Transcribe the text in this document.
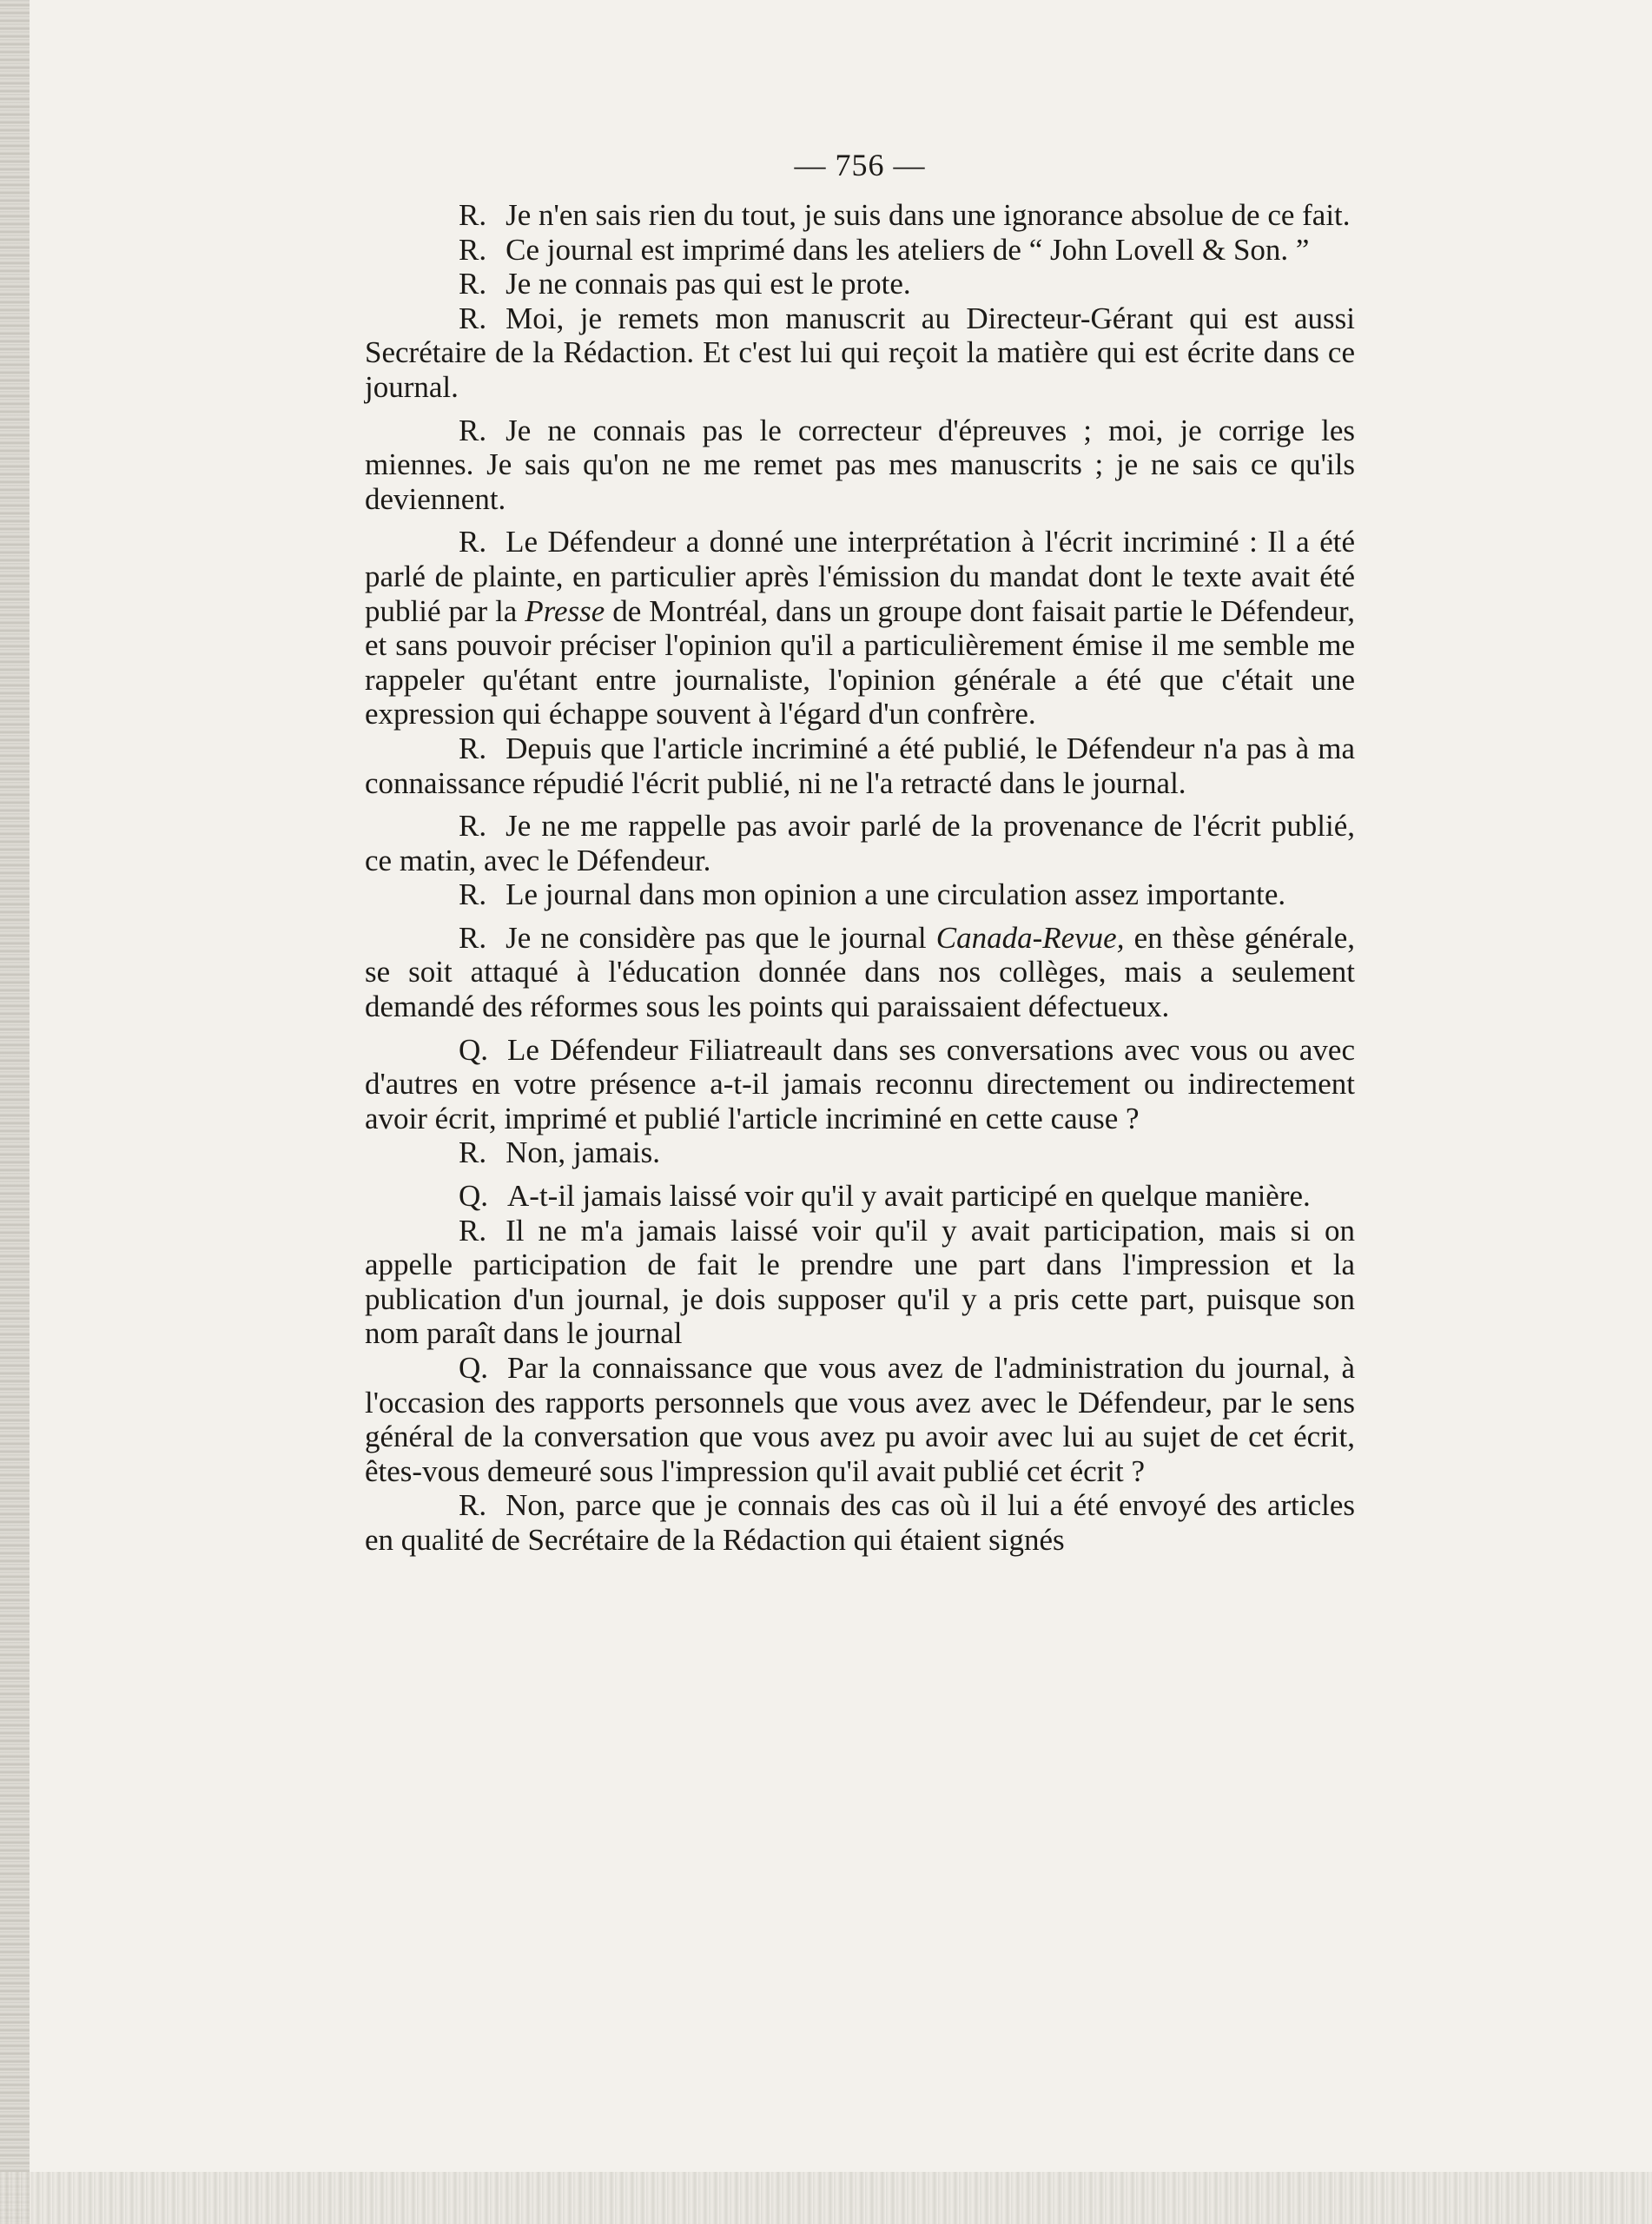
— 756 —

R. Je n'en sais rien du tout, je suis dans une ignorance absolue de ce fait.

R. Ce journal est imprimé dans les ateliers de “ John Lovell & Son. ”

R. Je ne connais pas qui est le prote.

R. Moi, je remets mon manuscrit au Directeur-Gérant qui est aussi Secrétaire de la Rédaction. Et c'est lui qui reçoit la matière qui est écrite dans ce journal.

R. Je ne connais pas le correcteur d'épreuves ; moi, je corrige les miennes. Je sais qu'on ne me remet pas mes manuscrits ; je ne sais ce qu'ils deviennent.

R. Le Défendeur a donné une interprétation à l'écrit incriminé : Il a été parlé de plainte, en particulier après l'émission du mandat dont le texte avait été publié par la Presse de Montréal, dans un groupe dont faisait partie le Défendeur, et sans pouvoir préciser l'opinion qu'il a particulièrement émise il me semble me rappeler qu'étant entre journaliste, l'opinion générale a été que c'était une expression qui échappe souvent à l'égard d'un confrère.

R. Depuis que l'article incriminé a été publié, le Défendeur n'a pas à ma connaissance répudié l'écrit publié, ni ne l'a retracté dans le journal.

R. Je ne me rappelle pas avoir parlé de la provenance de l'écrit publié, ce matin, avec le Défendeur.

R. Le journal dans mon opinion a une circulation assez importante.

R. Je ne considère pas que le journal Canada-Revue, en thèse générale, se soit attaqué à l'éducation donnée dans nos collèges, mais a seulement demandé des réformes sous les points qui paraissaient défectueux.

Q. Le Défendeur Filiatreault dans ses conversations avec vous ou avec d'autres en votre présence a-t-il jamais reconnu directement ou indirectement avoir écrit, imprimé et publié l'article incriminé en cette cause ?

R. Non, jamais.

Q. A-t-il jamais laissé voir qu'il y avait participé en quelque manière.

R. Il ne m'a jamais laissé voir qu'il y avait participation, mais si on appelle participation de fait le prendre une part dans l'impression et la publication d'un journal, je dois supposer qu'il y a pris cette part, puisque son nom paraît dans le journal

Q. Par la connaissance que vous avez de l'administration du journal, à l'occasion des rapports personnels que vous avez avec le Défendeur, par le sens général de la conversation que vous avez pu avoir avec lui au sujet de cet écrit, êtes-vous demeuré sous l'impression qu'il avait publié cet écrit ?

R. Non, parce que je connais des cas où il lui a été envoyé des articles en qualité de Secrétaire de la Rédaction qui étaient signés
